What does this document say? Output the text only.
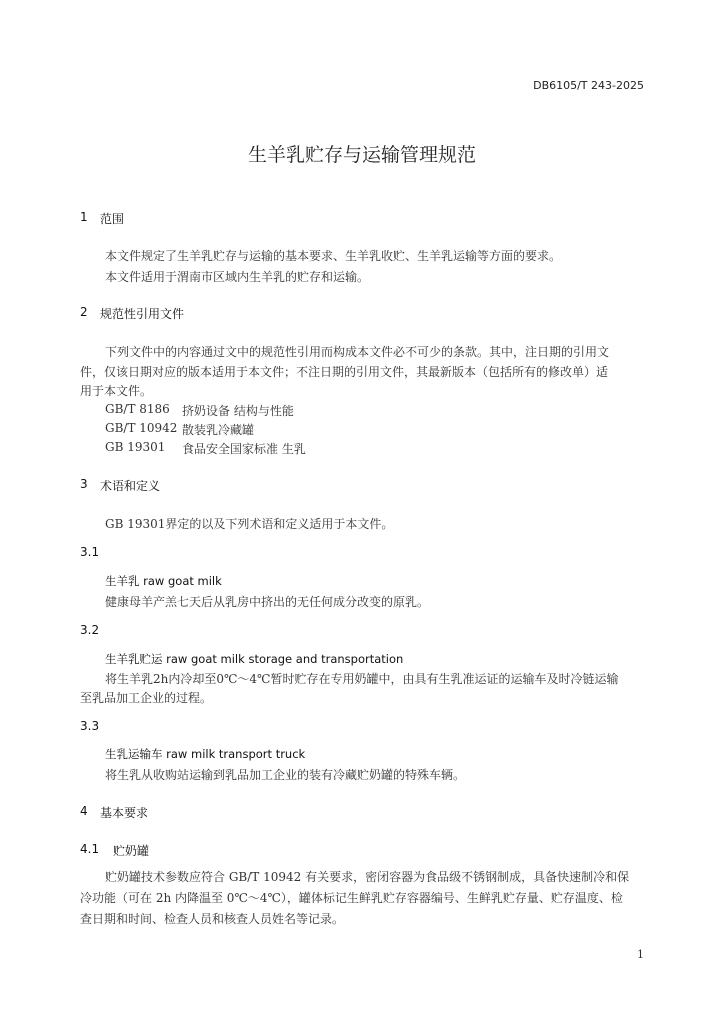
DB6105/T 243-2025
生羊乳贮存与运输管理规范
1 范围
本文件规定了生羊乳贮存与运输的基本要求、生羊乳收贮、生羊乳运输等方面的要求。
本文件适用于渭南市区域内生羊乳的贮存和运输。
2 规范性引用文件
下列文件中的内容通过文中的规范性引用而构成本文件必不可少的条款。其中，注日期的引用文
件，仅该日期对应的版本适用于本文件；不注日期的引用文件，其最新版本（包括所有的修改单）适
用于本文件。
GB/T 8186 挤奶设备 结构与性能
GB/T 10942 散装乳冷藏罐
GB 19301 食品安全国家标准 生乳
3 术语和定义
GB 19301界定的以及下列术语和定义适用于本文件。
3.1
生羊乳 raw goat milk
健康母羊产羔七天后从乳房中挤出的无任何成分改变的原乳。
3.2
生羊乳贮运 raw goat milk storage and transportation
将生羊乳2h内冷却至0℃～4℃暂时贮存在专用奶罐中，由具有生乳准运证的运输车及时冷链运输
至乳品加工企业的过程。
3.3
生乳运输车 raw milk transport truck
将生乳从收购站运输到乳品加工企业的装有冷藏贮奶罐的特殊车辆。
4 基本要求
4.1 贮奶罐
贮奶罐技术参数应符合 GB/T 10942 有关要求，密闭容器为食品级不锈钢制成，具备快速制冷和保
冷功能（可在 2h 内降温至 0℃～4℃），罐体标记生鲜乳贮存容器编号、生鲜乳贮存量、贮存温度、检
查日期和时间、检查人员和核查人员姓名等记录。
1
